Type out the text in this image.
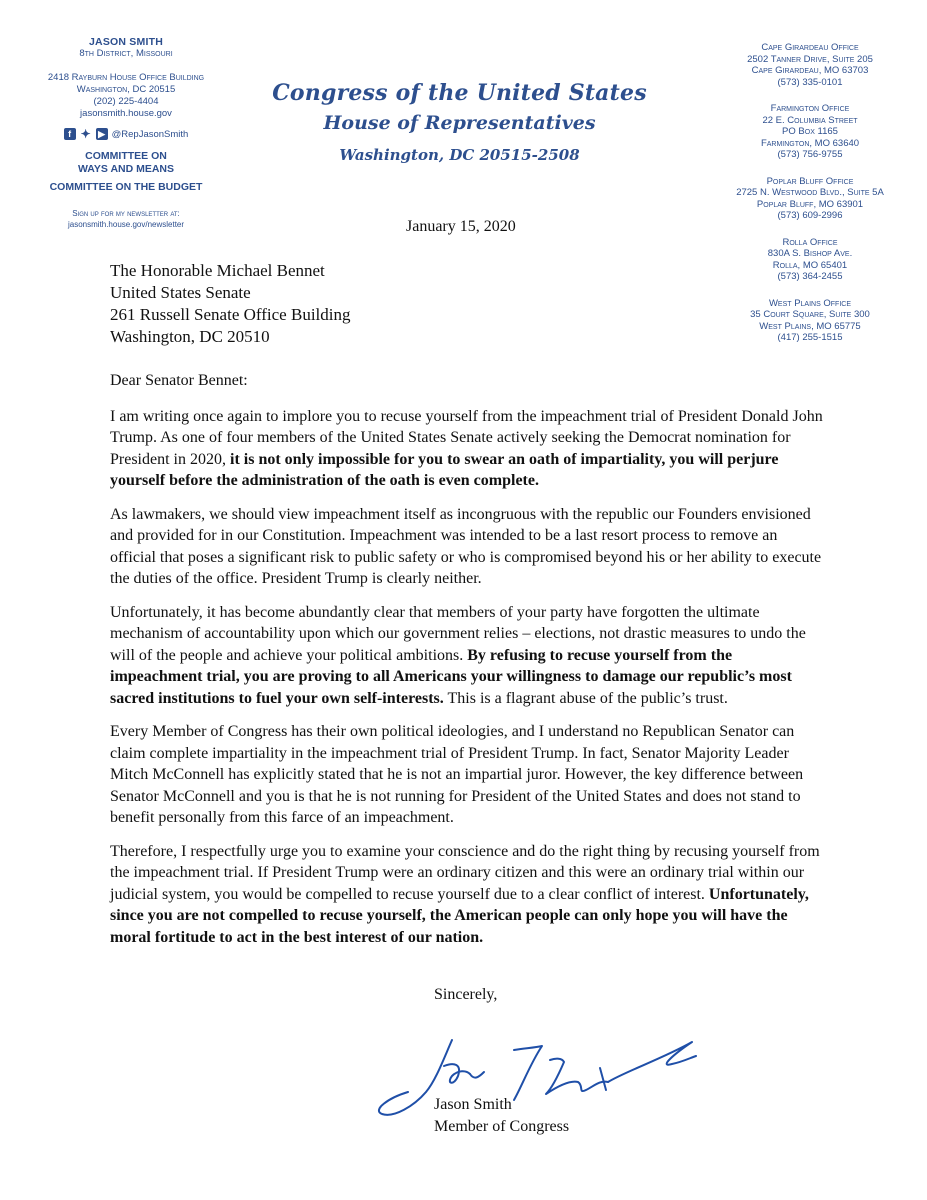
JASON SMITH
8th District, Missouri
2418 Rayburn House Office Building
Washington, DC 20515
(202) 225-4404
jasonsmith.house.gov
f ✦ ▶ @RepJasonSmith
COMMITTEE ON
WAYS AND MEANS
COMMITTEE ON THE BUDGET
Sign up for my newsletter at:
jasonsmith.house.gov/newsletter
Congress of the United States
House of Representatives
Washington, DC 20515-2508
Cape Girardeau Office
2502 Tanner Drive, Suite 205
Cape Girardeau, MO 63703
(573) 335-0101
Farmington Office
22 E. Columbia Street
PO Box 1165
Farmington, MO 63640
(573) 756-9755
Poplar Bluff Office
2725 N. Westwood Blvd., Suite 5A
Poplar Bluff, MO 63901
(573) 609-2996
Rolla Office
830A S. Bishop Ave.
Rolla, MO 65401
(573) 364-2455
West Plains Office
35 Court Square, Suite 300
West Plains, MO 65775
(417) 255-1515
January 15, 2020
The Honorable Michael Bennet
United States Senate
261 Russell Senate Office Building
Washington, DC 20510

Dear Senator Bennet:

I am writing once again to implore you to recuse yourself from the impeachment trial of President Donald John Trump. As one of four members of the United States Senate actively seeking the Democrat nomination for President in 2020, it is not only impossible for you to swear an oath of impartiality, you will perjure yourself before the administration of the oath is even complete.

As lawmakers, we should view impeachment itself as incongruous with the republic our Founders envisioned and provided for in our Constitution. Impeachment was intended to be a last resort process to remove an official that poses a significant risk to public safety or who is compromised beyond his or her ability to execute the duties of the office. President Trump is clearly neither.

Unfortunately, it has become abundantly clear that members of your party have forgotten the ultimate mechanism of accountability upon which our government relies – elections, not drastic measures to undo the will of the people and achieve your political ambitions. By refusing to recuse yourself from the impeachment trial, you are proving to all Americans your willingness to damage our republic’s most sacred institutions to fuel your own self-interests. This is a flagrant abuse of the public’s trust.

Every Member of Congress has their own political ideologies, and I understand no Republican Senator can claim complete impartiality in the impeachment trial of President Trump. In fact, Senator Majority Leader Mitch McConnell has explicitly stated that he is not an impartial juror. However, the key difference between Senator McConnell and you is that he is not running for President of the United States and does not stand to benefit personally from this farce of an impeachment.

Therefore, I respectfully urge you to examine your conscience and do the right thing by recusing yourself from the impeachment trial. If President Trump were an ordinary citizen and this were an ordinary trial within our judicial system, you would be compelled to recuse yourself due to a clear conflict of interest. Unfortunately, since you are not compelled to recuse yourself, the American people can only hope you will have the moral fortitude to act in the best interest of our nation.

Sincerely,
Jason Smith
Member of Congress
